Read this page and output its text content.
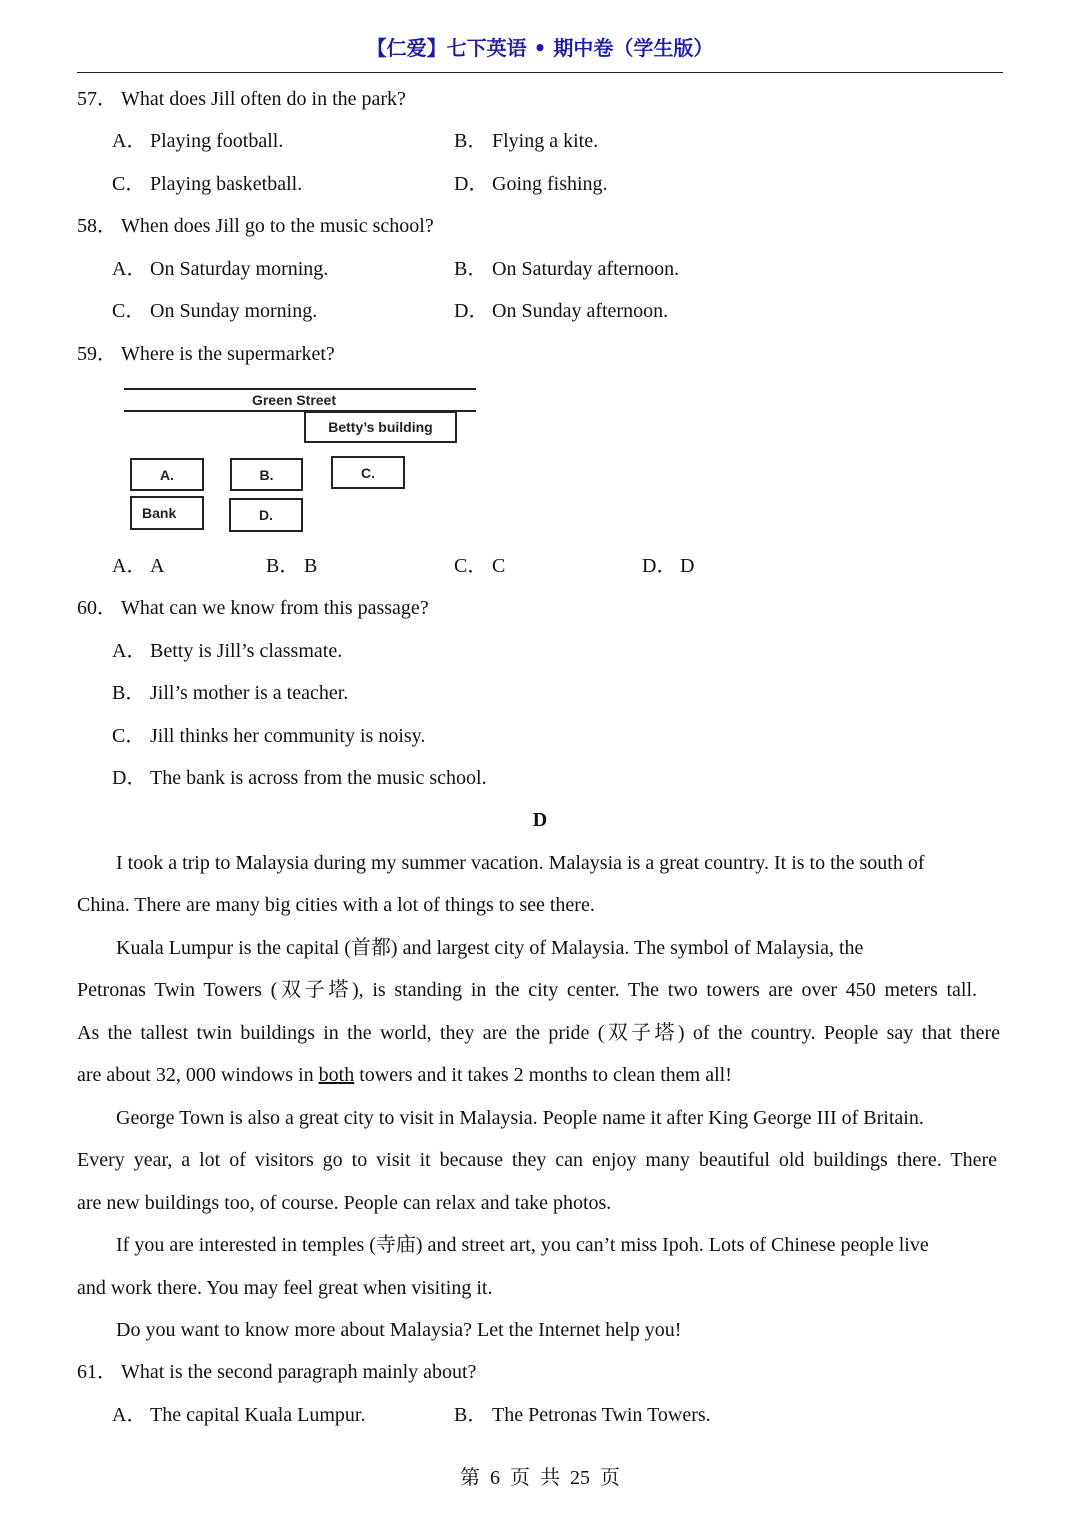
【仁爱】七下英语 • 期中卷（学生版）
57． What does Jill often do in the park?
A． Playing football.	B． Flying a kite.
C． Playing basketball.	D． Going fishing.
58． When does Jill go to the music school?
A． On Saturday morning.	B． On Saturday afternoon.
C． On Sunday morning.	D． On Sunday afternoon.
59． Where is the supermarket?
Green Street
Betty’s building
A.	B.	C.
Bank	D.
A． A	B． B	C． C	D． D
60． What can we know from this passage?
A． Betty is Jill’s classmate.
B． Jill’s mother is a teacher.
C． Jill thinks her community is noisy.
D． The bank is across from the music school.
D
I took a trip to Malaysia during my summer vacation. Malaysia is a great country. It is to the south of
China. There are many big cities with a lot of things to see there.
Kuala Lumpur is the capital (首都) and largest city of Malaysia. The symbol of Malaysia, the
Petronas Twin Towers (双子塔), is standing in the city center. The two towers are over 450 meters tall.
As the tallest twin buildings in the world, they are the pride (双子塔) of the country. People say that there
are about 32, 000 windows in both towers and it takes 2 months to clean them all!
George Town is also a great city to visit in Malaysia. People name it after King George III of Britain.
Every year, a lot of visitors go to visit it because they can enjoy many beautiful old buildings there. There
are new buildings too, of course. People can relax and take photos.
If you are interested in temples (寺庙) and street art, you can’t miss Ipoh. Lots of Chinese people live
and work there. You may feel great when visiting it.
Do you want to know more about Malaysia? Let the Internet help you!
61． What is the second paragraph mainly about?
A． The capital Kuala Lumpur.	B． The Petronas Twin Towers.
第  6  页  共  25  页
